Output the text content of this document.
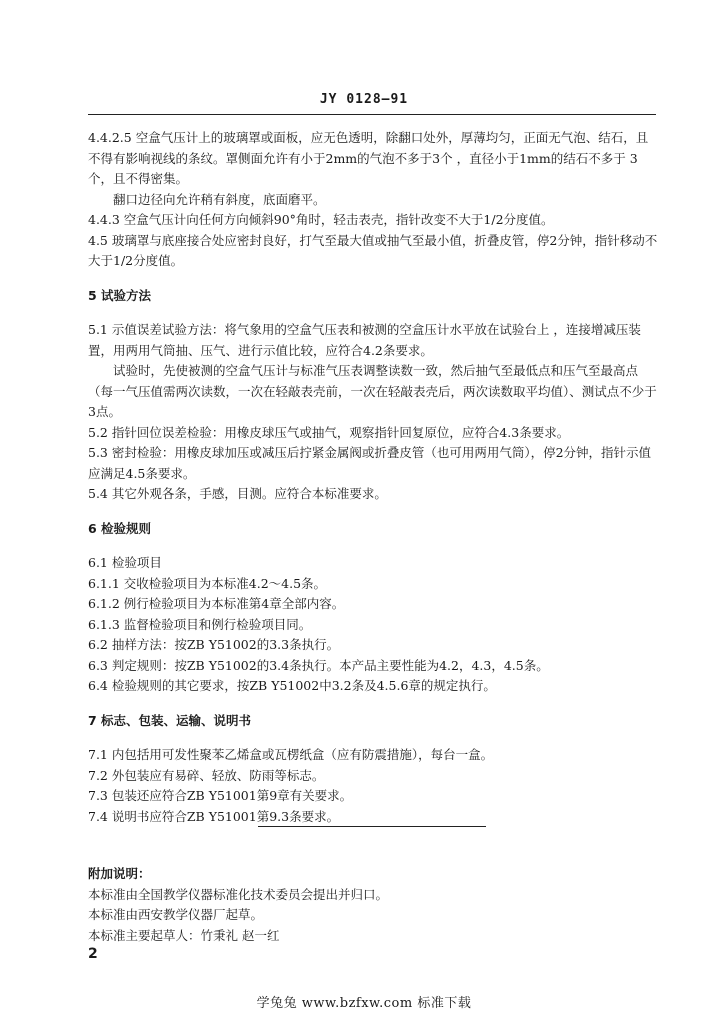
JY 0128—91

4.4.2.5 空盒气压计上的玻璃罩或面板，应无色透明，除翻口处外，厚薄均匀，正面无气泡、结石，且不得有影响视线的条纹。罩侧面允许有小于2mm的气泡不多于3个 ，直径小于1mm的结石不多于 3个，且不得密集。

翻口边径向允许稍有斜度，底面磨平。

4.4.3 空盒气压计向任何方向倾斜90°角时，轻击表壳，指针改变不大于1/2分度值。

4.5 玻璃罩与底座接合处应密封良好，打气至最大值或抽气至最小值，折叠皮管，停2分钟，指针移动不大于1/2分度值。

5 试验方法

5.1 示值误差试验方法：将气象用的空盒气压表和被测的空盒压计水平放在试验台上 ，连接增减压装置，用两用气筒抽、压气、进行示值比较，应符合4.2条要求。

试验时，先使被测的空盒气压计与标准气压表调整读数一致，然后抽气至最低点和压气至最高点（每一气压值需两次读数，一次在轻敲表壳前，一次在轻敲表壳后，两次读数取平均值）、测试点不少于3点。

5.2 指针回位误差检验：用橡皮球压气或抽气，观察指针回复原位，应符合4.3条要求。

5.3 密封检验：用橡皮球加压或减压后拧紧金属阀或折叠皮管（也可用两用气筒），停2分钟，指针示值应满足4.5条要求。

5.4 其它外观各条，手感，目测。应符合本标准要求。

6 检验规则

6.1 检验项目

6.1.1 交收检验项目为本标准4.2～4.5条。

6.1.2 例行检验项目为本标准第4章全部内容。

6.1.3 监督检验项目和例行检验项目同。

6.2 抽样方法：按ZB Y51002的3.3条执行。

6.3 判定规则：按ZB Y51002的3.4条执行。本产品主要性能为4.2，4.3，4.5条。

6.4 检验规则的其它要求，按ZB Y51002中3.2条及4.5.6章的规定执行。

7 标志、包装、运输、说明书

7.1 内包括用可发性聚苯乙烯盒或瓦楞纸盒（应有防震措施），每台一盒。

7.2 外包装应有易碎、轻放、防雨等标志。

7.3 包装还应符合ZB Y51001第9章有关要求。

7.4 说明书应符合ZB Y51001第9.3条要求。

附加说明：
本标准由全国教学仪器标准化技术委员会提出并归口。
本标准由西安教学仪器厂起草。
本标准主要起草人：竹秉礼 赵一红
2
学兔兔 www.bzfxw.com 标准下载
